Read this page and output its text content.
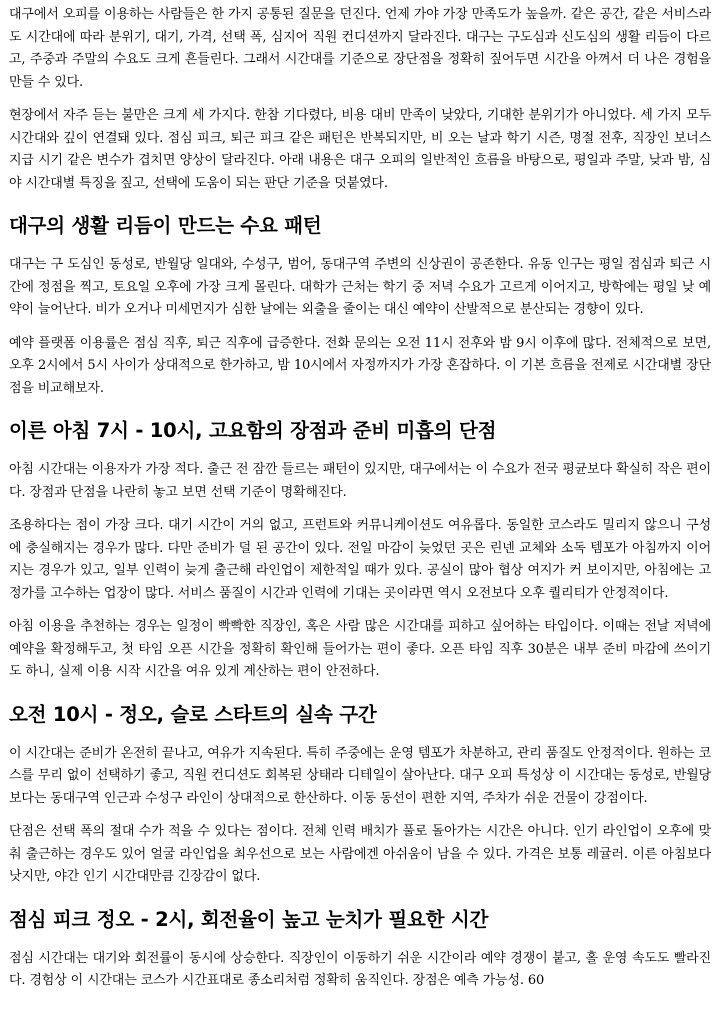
대구에서 오피를 이용하는 사람들은 한 가지 공통된 질문을 던진다. 언제 가야 가장 만족도가 높을까. 같은 공간, 같은 서비스라도 시간대에 따라 분위기, 대기, 가격, 선택 폭, 심지어 직원 컨디션까지 달라진다. 대구는 구도심과 신도심의 생활 리듬이 다르고, 주중과 주말의 수요도 크게 흔들린다. 그래서 시간대를 기준으로 장단점을 정확히 짚어두면 시간을 아껴서 더 나은 경험을 만들 수 있다.

현장에서 자주 듣는 불만은 크게 세 가지다. 한참 기다렸다, 비용 대비 만족이 낮았다, 기대한 분위기가 아니었다. 세 가지 모두 시간대와 깊이 연결돼 있다. 점심 피크, 퇴근 피크 같은 패턴은 반복되지만, 비 오는 날과 학기 시즌, 명절 전후, 직장인 보너스 지급 시기 같은 변수가 겹치면 양상이 달라진다. 아래 내용은 대구 오피의 일반적인 흐름을 바탕으로, 평일과 주말, 낮과 밤, 심야 시간대별 특징을 짚고, 선택에 도움이 되는 판단 기준을 덧붙였다.

대구의 생활 리듬이 만드는 수요 패턴

대구는 구 도심인 동성로, 반월당 일대와, 수성구, 범어, 동대구역 주변의 신상권이 공존한다. 유동 인구는 평일 점심과 퇴근 시간에 정점을 찍고, 토요일 오후에 가장 크게 몰린다. 대학가 근처는 학기 중 저녁 수요가 고르게 이어지고, 방학에는 평일 낮 예약이 늘어난다. 비가 오거나 미세먼지가 심한 날에는 외출을 줄이는 대신 예약이 산발적으로 분산되는 경향이 있다.

예약 플랫폼 이용률은 점심 직후, 퇴근 직후에 급증한다. 전화 문의는 오전 11시 전후와 밤 9시 이후에 많다. 전체적으로 보면, 오후 2시에서 5시 사이가 상대적으로 한가하고, 밤 10시에서 자정까지가 가장 혼잡하다. 이 기본 흐름을 전제로 시간대별 장단점을 비교해보자.

이른 아침 7시 - 10시, 고요함의 장점과 준비 미흡의 단점

아침 시간대는 이용자가 가장 적다. 출근 전 잠깐 들르는 패턴이 있지만, 대구에서는 이 수요가 전국 평균보다 확실히 작은 편이다. 장점과 단점을 나란히 놓고 보면 선택 기준이 명확해진다.

조용하다는 점이 가장 크다. 대기 시간이 거의 없고, 프런트와 커뮤니케이션도 여유롭다. 동일한 코스라도 밀리지 않으니 구성에 충실해지는 경우가 많다. 다만 준비가 덜 된 공간이 있다. 전일 마감이 늦었던 곳은 린넨 교체와 소독 템포가 아침까지 이어지는 경우가 있고, 일부 인력이 늦게 출근해 라인업이 제한적일 때가 있다. 공실이 많아 협상 여지가 커 보이지만, 아침에는 고정가를 고수하는 업장이 많다. 서비스 품질이 시간과 인력에 기대는 곳이라면 역시 오전보다 오후 퀄리티가 안정적이다.

아침 이용을 추천하는 경우는 일정이 빡빡한 직장인, 혹은 사람 많은 시간대를 피하고 싶어하는 타입이다. 이때는 전날 저녁에 예약을 확정해두고, 첫 타임 오픈 시간을 정확히 확인해 들어가는 편이 좋다. 오픈 타임 직후 30분은 내부 준비 마감에 쓰이기도 하니, 실제 이용 시작 시간을 여유 있게 계산하는 편이 안전하다.

오전 10시 - 정오, 슬로 스타트의 실속 구간

이 시간대는 준비가 온전히 끝나고, 여유가 지속된다. 특히 주중에는 운영 템포가 차분하고, 관리 품질도 안정적이다. 원하는 코스를 무리 없이 선택하기 좋고, 직원 컨디션도 회복된 상태라 디테일이 살아난다. 대구 오피 특성상 이 시간대는 동성로, 반월당보다는 동대구역 인근과 수성구 라인이 상대적으로 한산하다. 이동 동선이 편한 지역, 주차가 쉬운 건물이 강점이다.

단점은 선택 폭의 절대 수가 적을 수 있다는 점이다. 전체 인력 배치가 풀로 돌아가는 시간은 아니다. 인기 라인업이 오후에 맞춰 출근하는 경우도 있어 얼굴 라인업을 최우선으로 보는 사람에겐 아쉬움이 남을 수 있다. 가격은 보통 레귤러. 이른 아침보다 낫지만, 야간 인기 시간대만큼 긴장감이 없다.

점심 피크 정오 - 2시, 회전율이 높고 눈치가 필요한 시간

점심 시간대는 대기와 회전률이 동시에 상승한다. 직장인이 이동하기 쉬운 시간이라 예약 경쟁이 붙고, 홀 운영 속도도 빨라진다. 경험상 이 시간대는 코스가 시간표대로 종소리처럼 정확히 움직인다. 장점은 예측 가능성. 60
